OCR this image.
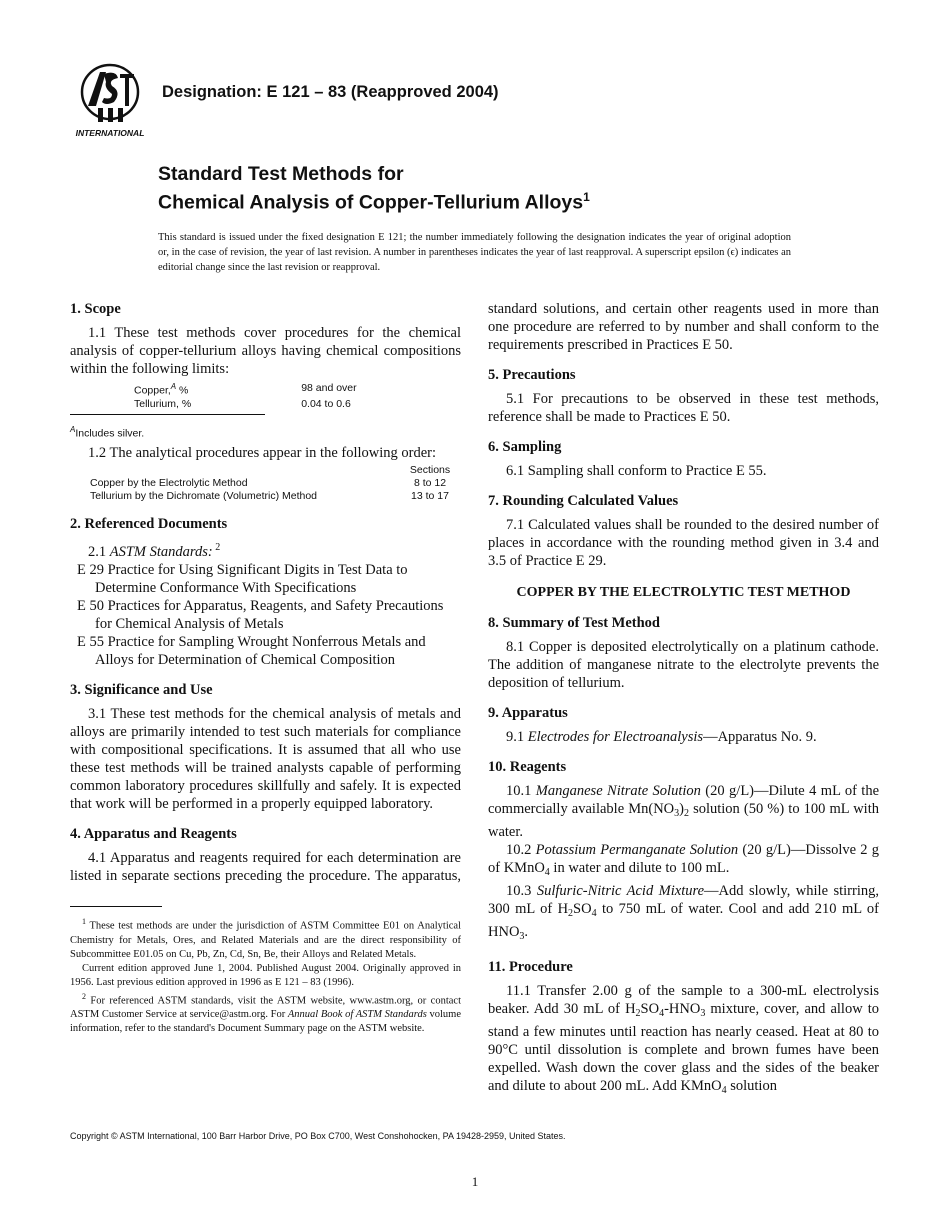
INTERNATIONAL
Designation: E 121 – 83 (Reapproved 2004)
Standard Test Methods for
Chemical Analysis of Copper-Tellurium Alloys$^1$
This standard is issued under the fixed designation E 121; the number immediately following the designation indicates the year of original adoption or, in the case of revision, the year of last revision. A number in parentheses indicates the year of last reapproval. A superscript epsilon (ϵ) indicates an editorial change since the last revision or reapproval.
1. Scope

1.1 These test methods cover procedures for the chemical analysis of copper-tellurium alloys having chemical compositions within the following limits:

Copper,$^A$ %	98 and over
Tellurium, %	0.04 to 0.6
$^A$Includes silver.

1.2 The analytical procedures appear in the following order:

	Sections
Copper by the Electrolytic Method	8 to 12
Tellurium by the Dichromate (Volumetric) Method	13 to 17
2. Referenced Documents

2.1 ASTM Standards: $^2$

E 29 Practice for Using Significant Digits in Test Data to Determine Conformance With Specifications

E 50 Practices for Apparatus, Reagents, and Safety Precautions for Chemical Analysis of Metals

E 55 Practice for Sampling Wrought Nonferrous Metals and Alloys for Determination of Chemical Composition

3. Significance and Use

3.1 These test methods for the chemical analysis of metals and alloys are primarily intended to test such materials for compliance with compositional specifications. It is assumed that all who use these test methods will be trained analysts capable of performing common laboratory procedures skillfully and safely. It is expected that work will be performed in a properly equipped laboratory.

4. Apparatus and Reagents

4.1 Apparatus and reagents required for each determination are listed in separate sections preceding the procedure. The apparatus,

standard solutions, and certain other reagents used in more than one procedure are referred to by number and shall conform to the requirements prescribed in Practices E 50.

5. Precautions

5.1 For precautions to be observed in these test methods, reference shall be made to Practices E 50.

6. Sampling

6.1 Sampling shall conform to Practice E 55.

7. Rounding Calculated Values

7.1 Calculated values shall be rounded to the desired number of places in accordance with the rounding method given in 3.4 and 3.5 of Practice E 29.

COPPER BY THE ELECTROLYTIC TEST METHOD
8. Summary of Test Method

8.1 Copper is deposited electrolytically on a platinum cathode. The addition of manganese nitrate to the electrolyte prevents the deposition of tellurium.

9. Apparatus

9.1 Electrodes for Electroanalysis—Apparatus No. 9.

10. Reagents

10.1 Manganese Nitrate Solution (20 g/L)—Dilute 4 mL of the commercially available $Mn(NO_3)_2$ solution (50 %) to 100 mL with water.

10.2 Potassium Permanganate Solution (20 g/L)—Dissolve 2 g of KMnO$_4$ in water and dilute to 100 mL.

10.3 Sulfuric-Nitric Acid Mixture—Add slowly, while stirring, 300 mL of $H_2SO_4$ to 750 mL of water. Cool and add 210 mL of $HNO_3$.

11. Procedure

11.1 Transfer 2.00 g of the sample to a 300-mL electrolysis beaker. Add 30 mL of $H_2SO_4-HNO_3$ mixture, cover, and allow to stand a few minutes until reaction has nearly ceased. Heat at 80 to 90°C until dissolution is complete and brown fumes have been expelled. Wash down the cover glass and the sides of the beaker and dilute to about 200 mL. Add KMnO$_4$ solution

$^1$ These test methods are under the jurisdiction of ASTM Committee E01 on Analytical Chemistry for Metals, Ores, and Related Materials and are the direct responsibility of Subcommittee E01.05 on Cu, Pb, Zn, Cd, Sn, Be, their Alloys and Related Metals.

Current edition approved June 1, 2004. Published August 2004. Originally approved in 1956. Last previous edition approved in 1996 as E 121 – 83 (1996).

$^2$ For referenced ASTM standards, visit the ASTM website, www.astm.org, or contact ASTM Customer Service at service@astm.org. For Annual Book of ASTM Standards volume information, refer to the standard's Document Summary page on the ASTM website.

Copyright © ASTM International, 100 Barr Harbor Drive, PO Box C700, West Conshohocken, PA 19428-2959, United States.
1
